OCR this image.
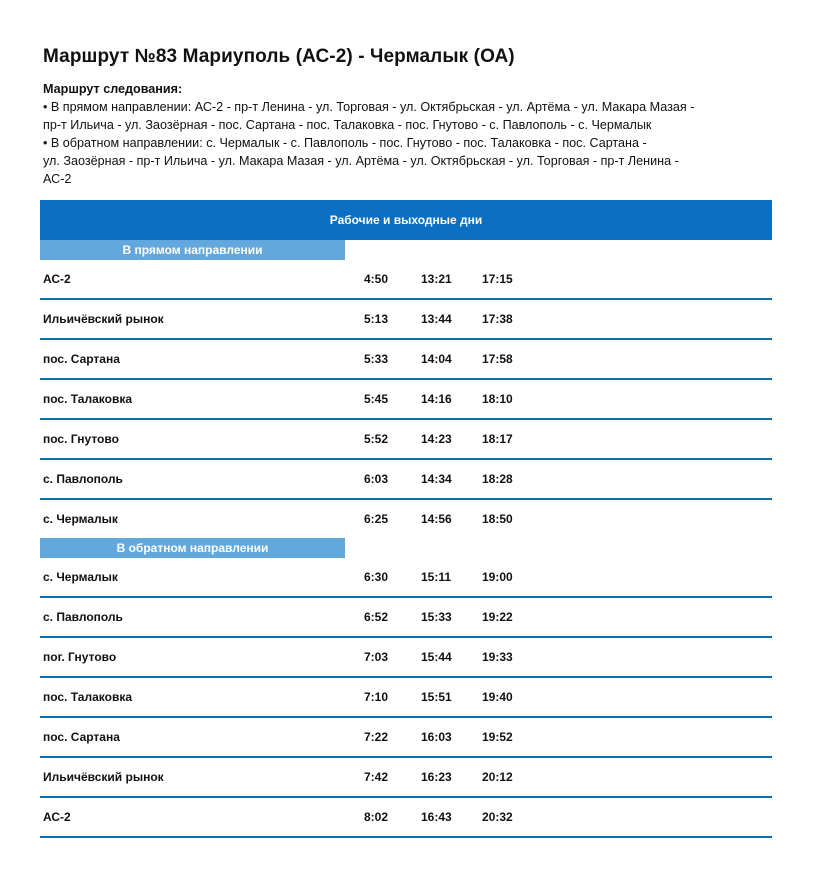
Маршрут №83 Мариуполь (АС-2) - Чермалык (ОА)
Маршрут следования:
• В прямом направлении: АС-2 - пр-т Ленина - ул. Торговая - ул. Октябрьская - ул. Артёма - ул. Макара Мазая -
пр-т Ильича - ул. Заозёрная - пос. Сартана - пос. Талаковка - пос. Гнутово - с. Павлополь - с. Чермалык
• В обратном направлении: с. Чермалык - с. Павлополь - пос. Гнутово - пос. Талаковка - пос. Сартана -
ул. Заозёрная - пр-т Ильича - ул. Макара Мазая - ул. Артёма - ул. Октябрьская - ул. Торговая - пр-т Ленина -
АС-2
Рабочие и выходные дни
В прямом направлении
АС-2	4:50	13:21	17:15
Ильичёвский рынок	5:13	13:44	17:38
пос. Сартана	5:33	14:04	17:58
пос. Талаковка	5:45	14:16	18:10
пос. Гнутово	5:52	14:23	18:17
с. Павлополь	6:03	14:34	18:28
с. Чермалык	6:25	14:56	18:50
В обратном направлении
с. Чермалык	6:30	15:11	19:00
с. Павлополь	6:52	15:33	19:22
пог. Гнутово	7:03	15:44	19:33
пос. Талаковка	7:10	15:51	19:40
пос. Сартана	7:22	16:03	19:52
Ильичёвский рынок	7:42	16:23	20:12
АС-2	8:02	16:43	20:32
